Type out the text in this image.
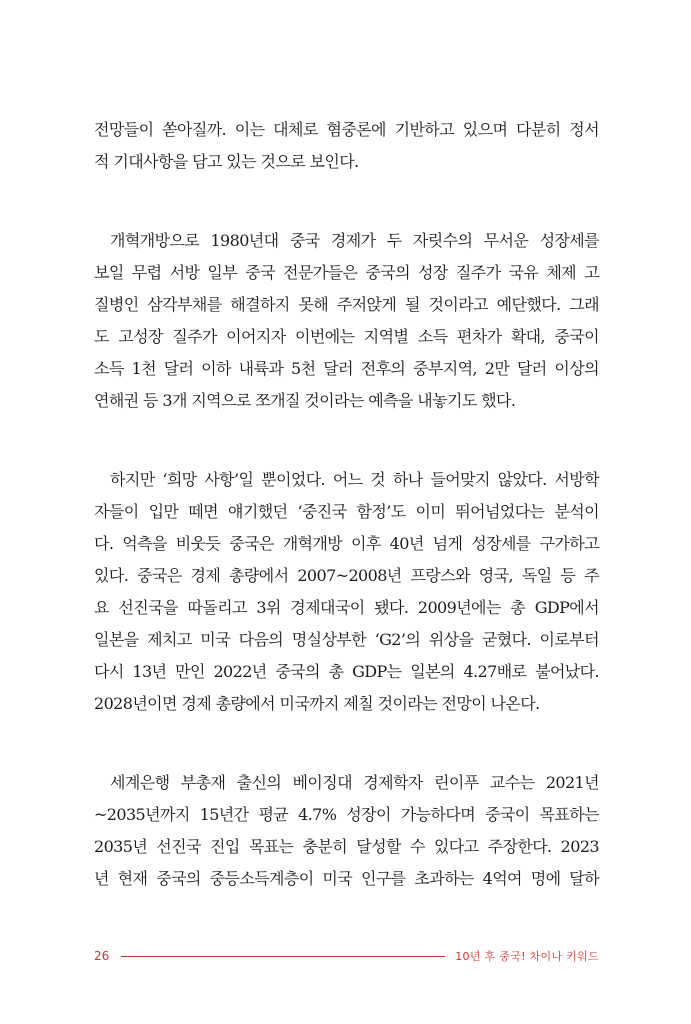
전망들이 쏟아질까. 이는 대체로 혐중론에 기반하고 있으며 다분히 정서
적 기대사항을 담고 있는 것으로 보인다.
개혁개방으로 1980년대 중국 경제가 두 자릿수의 무서운 성장세를
보일 무렵 서방 일부 중국 전문가들은 중국의 성장 질주가 국유 체제 고
질병인 삼각부채를 해결하지 못해 주저앉게 될 것이라고 예단했다. 그래
도 고성장 질주가 이어지자 이번에는 지역별 소득 편차가 확대, 중국이
소득 1천 달러 이하 내륙과 5천 달러 전후의 중부지역, 2만 달러 이상의
연해권 등 3개 지역으로 쪼개질 것이라는 예측을 내놓기도 했다.
하지만 ‘희망 사항’일 뿐이었다. 어느 것 하나 들어맞지 않았다. 서방학
자들이 입만 떼면 얘기했던 ‘중진국 함정’도 이미 뛰어넘었다는 분석이
다. 억측을 비웃듯 중국은 개혁개방 이후 40년 넘게 성장세를 구가하고
있다. 중국은 경제 총량에서 2007~2008년 프랑스와 영국, 독일 등 주
요 선진국을 따돌리고 3위 경제대국이 됐다. 2009년에는 총 GDP에서
일본을 제치고 미국 다음의 명실상부한 ‘G2’의 위상을 굳혔다. 이로부터
다시 13년 만인 2022년 중국의 총 GDP는 일본의 4.27배로 불어났다.
2028년이면 경제 총량에서 미국까지 제칠 것이라는 전망이 나온다.
세계은행 부총재 출신의 베이징대 경제학자 린이푸 교수는 2021년
~2035년까지 15년간 평균 4.7% 성장이 가능하다며 중국이 목표하는
2035년 선진국 진입 목표는 충분히 달성할 수 있다고 주장한다. 2023
년 현재 중국의 중등소득계층이 미국 인구를 초과하는 4억여 명에 달하
26	10년 후 중국! 차이나 키워드
